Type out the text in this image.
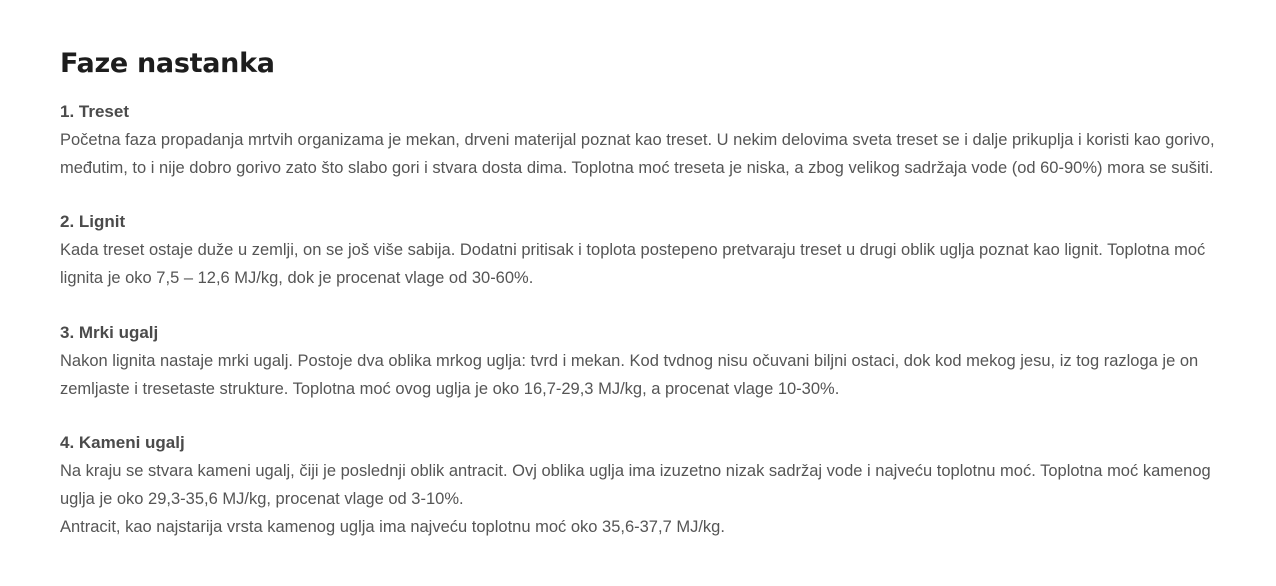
Faze nastanka

1. Treset

Početna faza propadanja mrtvih organizama je mekan, drveni materijal poznat kao treset. U nekim delovima sveta treset se i dalje prikuplja i koristi kao gorivo, međutim, to i nije dobro gorivo zato što slabo gori i stvara dosta dima. Toplotna moć treseta je niska, a zbog velikog sadržaja vode (od 60-90%) mora se sušiti.

2. Lignit

Kada treset ostaje duže u zemlji, on se još više sabija. Dodatni pritisak i toplota postepeno pretvaraju treset u drugi oblik uglja poznat kao lignit. Toplotna moć lignita je oko 7,5 – 12,6 MJ/kg, dok je procenat vlage od 30-60%.

3. Mrki ugalj

Nakon lignita nastaje mrki ugalj. Postoje dva oblika mrkog uglja: tvrd i mekan. Kod tvdnog nisu očuvani biljni ostaci, dok kod mekog jesu, iz tog razloga je on zemljaste i tresetaste strukture. Toplotna moć ovog uglja je oko 16,7-29,3 MJ/kg, a procenat vlage 10-30%.

4. Kameni ugalj

Na kraju se stvara kameni ugalj, čiji je poslednji oblik antracit. Ovj oblika uglja ima izuzetno nizak sadržaj vode i najveću toplotnu moć. Toplotna moć kamenog uglja je oko 29,3-35,6 MJ/kg, procenat vlage od 3-10%.

Antracit, kao najstarija vrsta kamenog uglja ima najveću toplotnu moć oko 35,6-37,7 MJ/kg.
